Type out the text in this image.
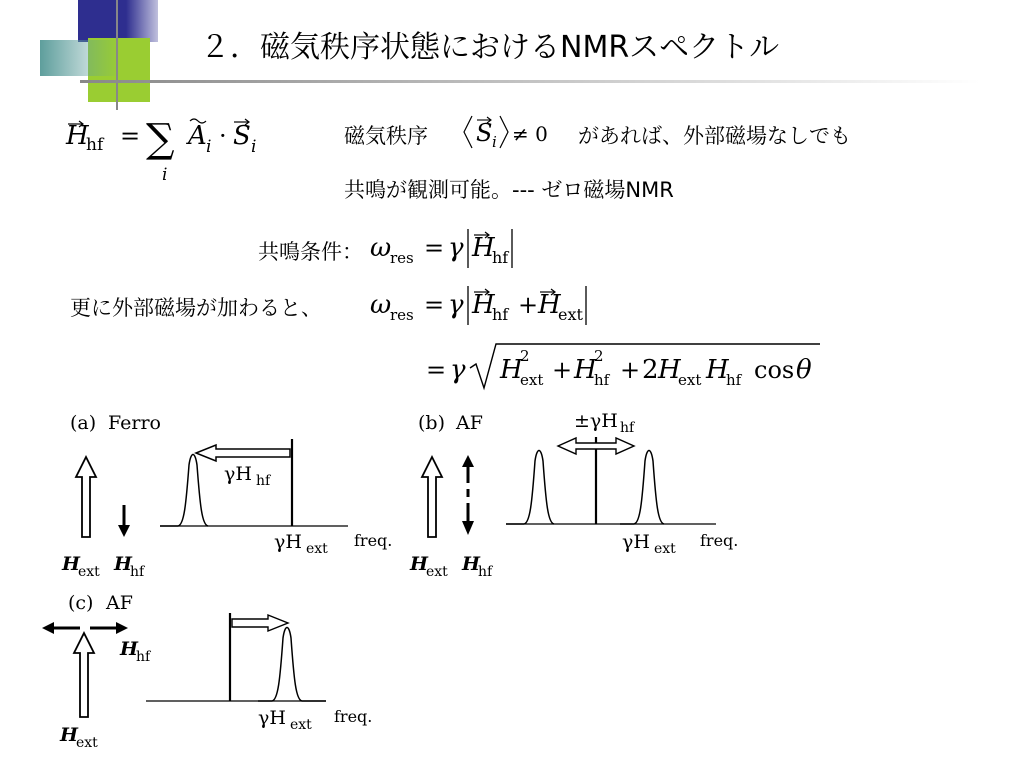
２．磁気秩序状態におけるNMRスペクトル
H
hf = ∑
i
A i · S i	磁気秩序 S i ≠ 0 があれば、外部磁場なしでも
共鳴が観測可能。--- ゼロ磁場NMR
共鳴条件： ω
res = γ H
hf
更に外部磁場が加わると、 ω
res = γ H
hf + H
ext
= γ H
2
ext + H
2
hf + 2 H
ext H
hf cos θ
(a) Ferro
H
ext H
hf
γH hf
γH ext freq.
(b) AF
H
ext H
hf
±γH hf
γH ext freq.
(c) AF
H
hf
H
ext
γH ext freq.
